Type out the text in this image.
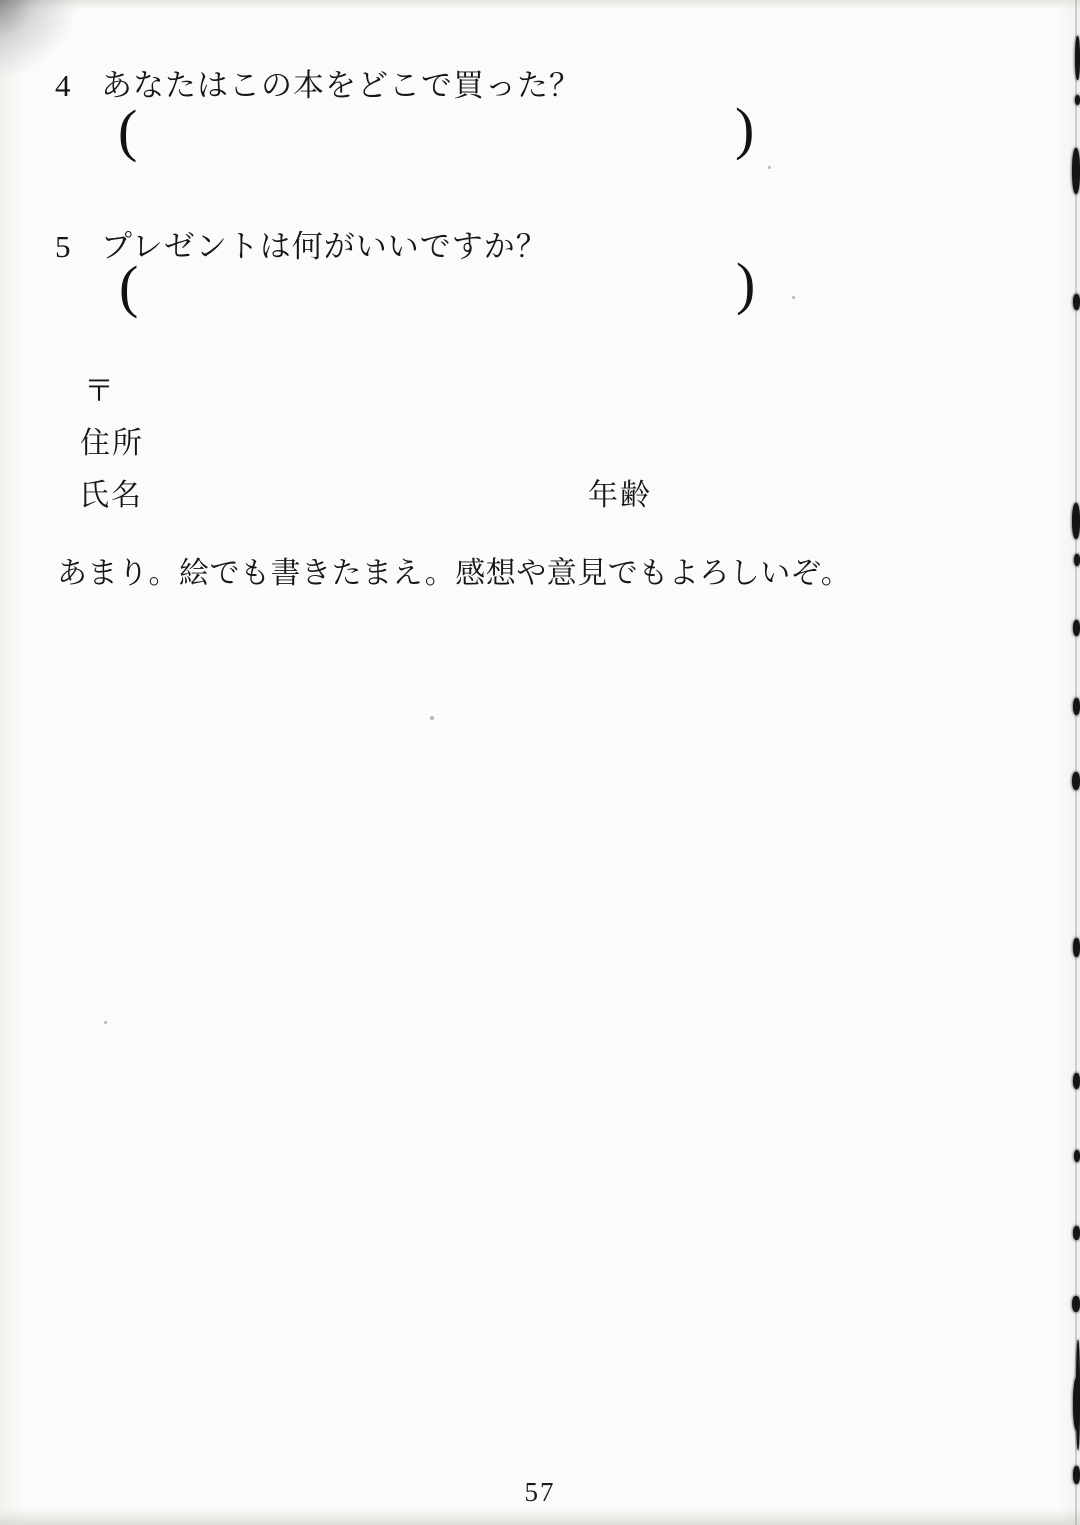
4 あなたはこの本をどこで買った？
(	)
5 プレゼントは何がいいですか？
(	)
〒
住所
氏名	年齢
あまり。絵でも書きたまえ。感想や意見でもよろしいぞ。
57
